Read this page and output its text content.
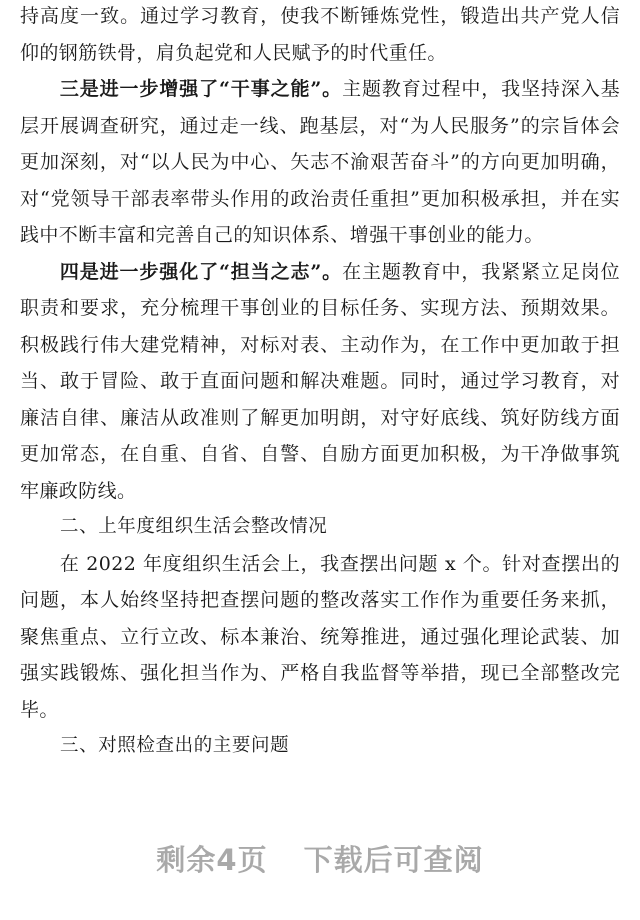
持高度一致。通过学习教育，使我不断锤炼党性，锻造出共产党人信仰的钢筋铁骨，肩负起党和人民赋予的时代重任。

三是进一步增强了“干事之能”。主题教育过程中，我坚持深入基层开展调查研究，通过走一线、跑基层，对“为人民服务”的宗旨体会更加深刻，对“以人民为中心、矢志不渝艰苦奋斗”的方向更加明确，对“党领导干部表率带头作用的政治责任重担”更加积极承担，并在实践中不断丰富和完善自己的知识体系、增强干事创业的能力。

四是进一步强化了“担当之志”。在主题教育中，我紧紧立足岗位职责和要求，充分梳理干事创业的目标任务、实现方法、预期效果。积极践行伟大建党精神，对标对表、主动作为，在工作中更加敢于担当、敢于冒险、敢于直面问题和解决难题。同时，通过学习教育，对廉洁自律、廉洁从政准则了解更加明朗，对守好底线、筑好防线方面更加常态，在自重、自省、自警、自励方面更加积极，为干净做事筑牢廉政防线。

二、上年度组织生活会整改情况

在 2022 年度组织生活会上，我查摆出问题 x 个。针对查摆出的问题，本人始终坚持把查摆问题的整改落实工作作为重要任务来抓，聚焦重点、立行立改、标本兼治、统筹推进，通过强化理论武装、加强实践锻炼、强化担当作为、严格自我监督等举措，现已全部整改完毕。

三、对照检查出的主要问题

剩余4页 下载后可查阅
